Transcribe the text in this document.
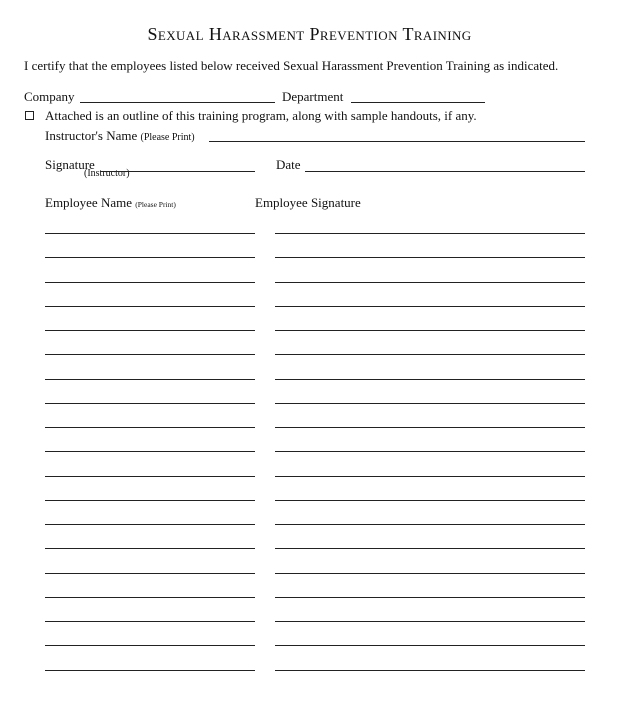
Sexual Harassment Prevention Training
I certify that the employees listed below received Sexual Harassment Prevention Training as indicated.
Company	Department
Attached is an outline of this training program, along with sample handouts, if any.
Instructor's Name (Please Print)
Signature
(Instructor)
Date
Employee Name (Please Print)	Employee Signature
